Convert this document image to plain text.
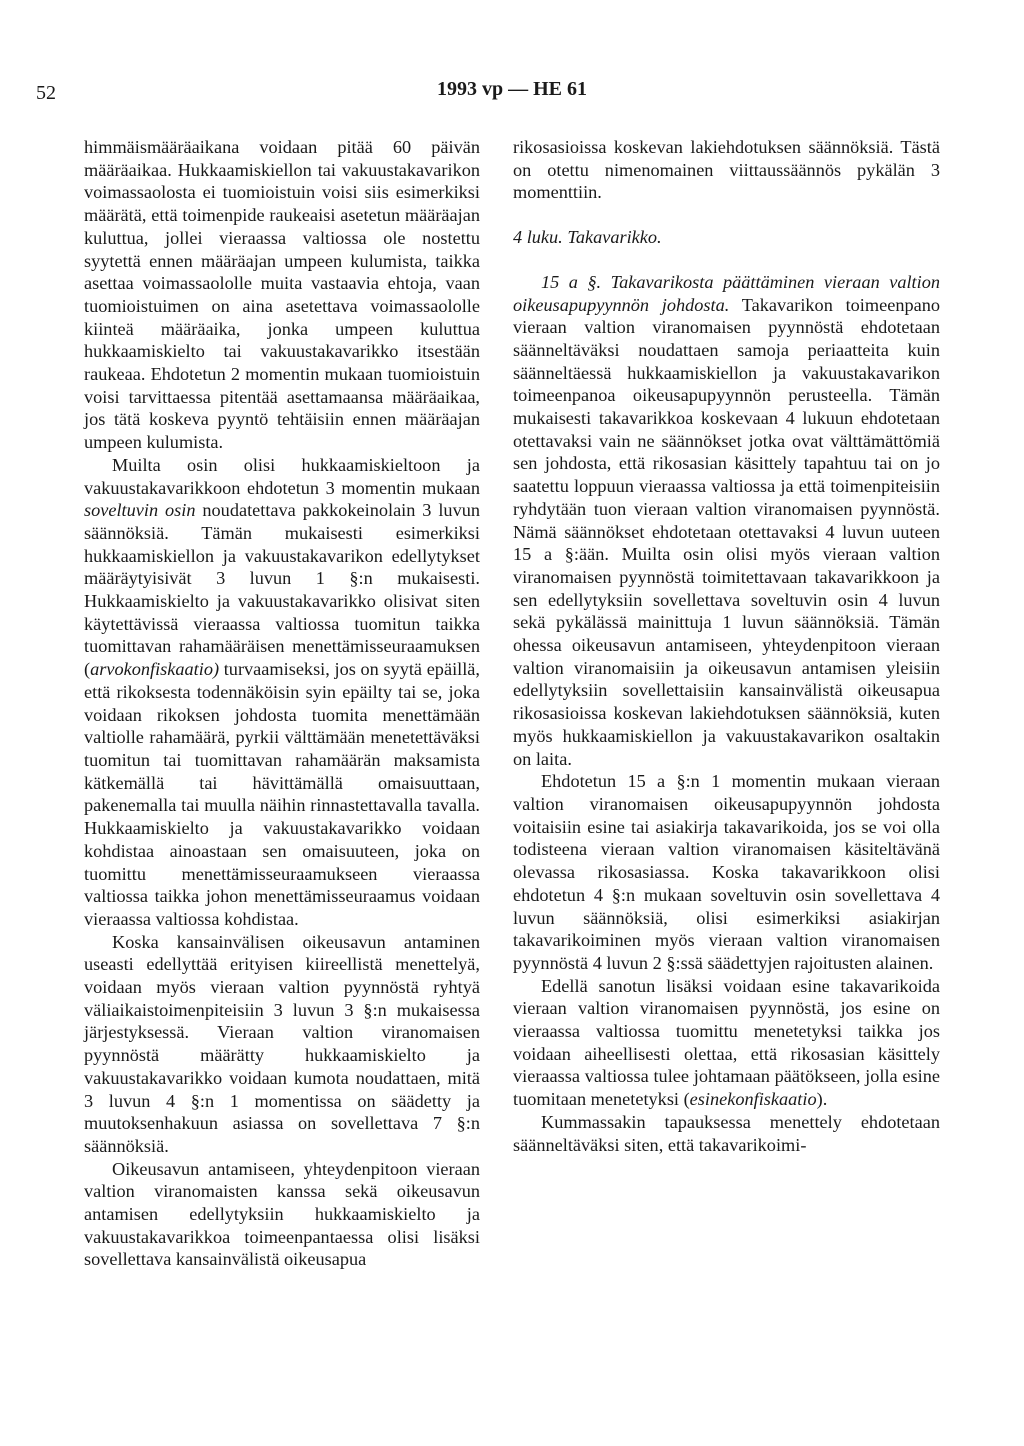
52	1993 vp — HE 61

himmäismääräaikana voidaan pitää 60 päivän määräaikaa. Hukkaamiskiellon tai vakuustakavarikon voimassaolosta ei tuomioistuin voisi siis esimerkiksi määrätä, että toimenpide raukeaisi asetetun määräajan kuluttua, jollei vieraassa valtiossa ole nostettu syytettä ennen määräajan umpeen kulumista, taikka asettaa voimassaololle muita vastaavia ehtoja, vaan tuomioistuimen on aina asetettava voimassaololle kiinteä määräaika, jonka umpeen kuluttua hukkaamiskielto tai vakuustakavarikko itsestään raukeaa. Ehdotetun 2 momentin mukaan tuomioistuin voisi tarvittaessa pitentää asettamaansa määräaikaa, jos tätä koskeva pyyntö tehtäisiin ennen määräajan umpeen kulumista.

Muilta osin olisi hukkaamiskieltoon ja vakuustakavarikkoon ehdotetun 3 momentin mukaan soveltuvin osin noudatettava pakkokeinolain 3 luvun säännöksiä. Tämän mukaisesti esimerkiksi hukkaamiskiellon ja vakuustakavarikon edellytykset määräytyisivät 3 luvun 1 §:n mukaisesti. Hukkaamiskielto ja vakuustakavarikko olisivat siten käytettävissä vieraassa valtiossa tuomitun taikka tuomittavan rahamääräisen menettämisseuraamuksen (arvokonfiskaatio) turvaamiseksi, jos on syytä epäillä, että rikoksesta todennäköisin syin epäilty tai se, joka voidaan rikoksen johdosta tuomita menettämään valtiolle rahamäärä, pyrkii välttämään menetettäväksi tuomitun tai tuomittavan rahamäärän maksamista kätkemällä tai hävittämällä omaisuuttaan, pakenemalla tai muulla näihin rinnastettavalla tavalla. Hukkaamiskielto ja vakuustakavarikko voidaan kohdistaa ainoastaan sen omaisuuteen, joka on tuomittu menettämisseuraamukseen vieraassa valtiossa taikka johon menettämisseuraamus voidaan vieraassa valtiossa kohdistaa.

Koska kansainvälisen oikeusavun antaminen useasti edellyttää erityisen kiireellistä menettelyä, voidaan myös vieraan valtion pyynnöstä ryhtyä väliaikaistoimenpiteisiin 3 luvun 3 §:n mukaisessa järjestyksessä. Vieraan valtion viranomaisen pyynnöstä määrätty hukkaamiskielto ja vakuustakavarikko voidaan kumota noudattaen, mitä 3 luvun 4 §:n 1 momentissa on säädetty ja muutoksenhakuun asiassa on sovellettava 7 §:n säännöksiä.

Oikeusavun antamiseen, yhteydenpitoon vieraan valtion viranomaisten kanssa sekä oikeusavun antamisen edellytyksiin hukkaamiskielto ja vakuustakavarikkoa toimeenpantaessa olisi lisäksi sovellettava kansainvälistä oikeusapua

rikosasioissa koskevan lakiehdotuksen säännöksiä. Tästä on otettu nimenomainen viittaussäännös pykälän 3 momenttiin.

4 luku. Takavarikko.

15 a §. Takavarikosta päättäminen vieraan valtion oikeusapupyynnön johdosta. Takavarikon toimeenpano vieraan valtion viranomaisen pyynnöstä ehdotetaan säänneltäväksi noudattaen samoja periaatteita kuin säänneltäessä hukkaamiskiellon ja vakuustakavarikon toimeenpanoa oikeusapupyynnön perusteella. Tämän mukaisesti takavarikkoa koskevaan 4 lukuun ehdotetaan otettavaksi vain ne säännökset jotka ovat välttämättömiä sen johdosta, että rikosasian käsittely tapahtuu tai on jo saatettu loppuun vieraassa valtiossa ja että toimenpiteisiin ryhdytään tuon vieraan valtion viranomaisen pyynnöstä. Nämä säännökset ehdotetaan otettavaksi 4 luvun uuteen 15 a §:ään. Muilta osin olisi myös vieraan valtion viranomaisen pyynnöstä toimitettavaan takavarikkoon ja sen edellytyksiin sovellettava soveltuvin osin 4 luvun sekä pykälässä mainittuja 1 luvun säännöksiä. Tämän ohessa oikeusavun antamiseen, yhteydenpitoon vieraan valtion viranomaisiin ja oikeusavun antamisen yleisiin edellytyksiin sovellettaisiin kansainvälistä oikeusapua rikosasioissa koskevan lakiehdotuksen säännöksiä, kuten myös hukkaamiskiellon ja vakuustakavarikon osaltakin on laita.

Ehdotetun 15 a §:n 1 momentin mukaan vieraan valtion viranomaisen oikeusapupyynnön johdosta voitaisiin esine tai asiakirja takavarikoida, jos se voi olla todisteena vieraan valtion viranomaisen käsiteltävänä olevassa rikosasiassa. Koska takavarikkoon olisi ehdotetun 4 §:n mukaan soveltuvin osin sovellettava 4 luvun säännöksiä, olisi esimerkiksi asiakirjan takavarikoiminen myös vieraan valtion viranomaisen pyynnöstä 4 luvun 2 §:ssä säädettyjen rajoitusten alainen.

Edellä sanotun lisäksi voidaan esine takavarikoida vieraan valtion viranomaisen pyynnöstä, jos esine on vieraassa valtiossa tuomittu menetetyksi taikka jos voidaan aiheellisesti olettaa, että rikosasian käsittely vieraassa valtiossa tulee johtamaan päätökseen, jolla esine tuomitaan menetetyksi (esinekonfiskaatio).

Kummassakin tapauksessa menettely ehdotetaan säänneltäväksi siten, että takavarikoimi-
